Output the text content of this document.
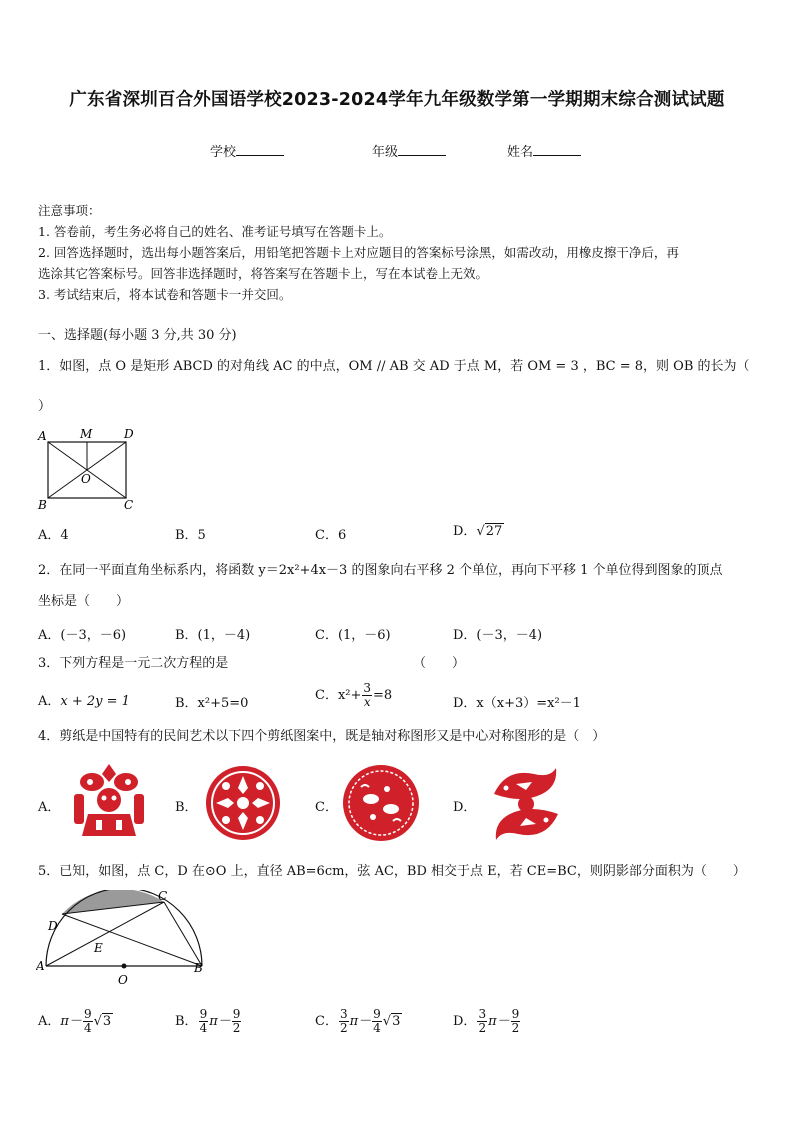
广东省深圳百合外国语学校2023-2024学年九年级数学第一学期期末综合测试试题
学校	年级	姓名
注意事项：
1. 答卷前，考生务必将自己的姓名、准考证号填写在答题卡上。
2. 回答选择题时，选出每小题答案后，用铅笔把答题卡上对应题目的答案标号涂黑，如需改动，用橡皮擦干净后，再
选涂其它答案标号。回答非选择题时，将答案写在答题卡上，写在本试卷上无效。
3. 考试结束后，将本试卷和答题卡一并交回。
一、选择题(每小题 3 分,共 30 分)
1．如图，点 O 是矩形 ABCD 的对角线 AC 的中点，OM // AB 交 AD 于点 M，若 OM = 3 ，BC = 8，则 OB 的长为（
）
A	M	D
O
B	C
A．4	B．5	C．6	D．√27
2．在同一平面直角坐标系内，将函数 y＝2x²+4x－3 的图象向右平移 2 个单位，再向下平移 1 个单位得到图象的顶点
坐标是（　　）
A．(－3，－6)	B．(1，－4)	C．(1，－6)	D．(－3，－4)
3．下列方程是一元二次方程的是	（　　）
A．x + 2y = 1	B．x²+5=0
C．$x^2+ \frac{3}{x} =8$
D．x（x+3）=x²－1
4．剪纸是中国特有的民间艺术以下四个剪纸图案中，既是轴对称图形又是中心对称图形的是（　）
A．	B．	C．	D．
5．已知，如图，点 C，D 在⊙O 上，直径 AB=6cm，弦 AC，BD 相交于点 E，若 CE=BC，则阴影部分面积为（　　）
A	B
C
D
E
O
A．$\pi- \frac{9}{4} √3$	B． $\frac{9}{4} \pi- \frac{9}{2}$	C． $\frac{3}{2} \pi- \frac{9}{4} √3$	D． $\frac{3}{2} \pi- \frac{9}{2}$
